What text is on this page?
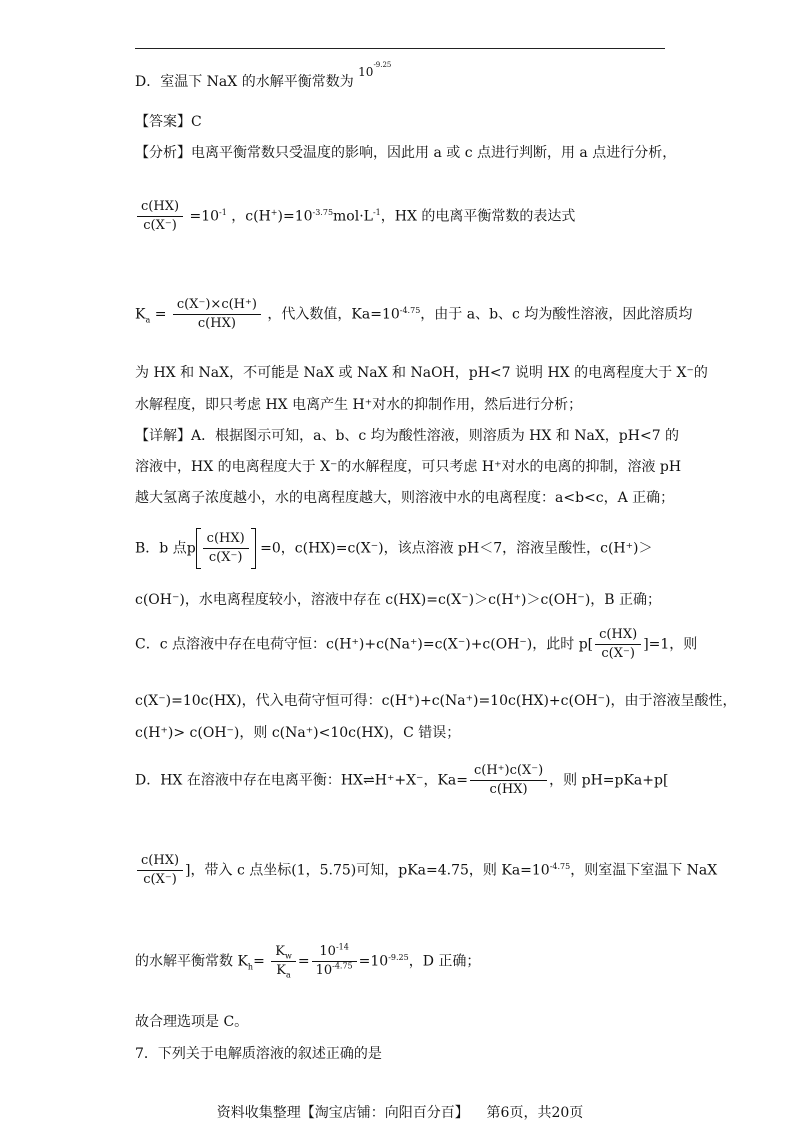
D．室温下 NaX 的水解平衡常数为 $10^{-9.25}$
【答案】C
【分析】电离平衡常数只受温度的影响，因此用 a 或 c 点进行判断，用 a 点进行分析，
$\frac{c(HX)}{c(X^-)} =10^{-1}$ ，$c(H^+)=10^{-3.75}mol\cdot L^{-1}$，HX 的电离平衡常数的表达式
$K_a = \frac{c(X^-)\times c(H^+)}{c(HX)}$ ，代入数值，$Ka=10^{-4.75}$，由于 a、b、c 均为酸性溶液，因此溶质均
为 HX 和 NaX，不可能是 NaX 或 NaX 和 NaOH，pH<7 说明 HX 的电离程度大于 X⁻的
水解程度，即只考虑 HX 电离产生 H⁺对水的抑制作用，然后进行分析；
【详解】A．根据图示可知，a、b、c 均为酸性溶液，则溶质为 HX 和 NaX，pH<7 的
溶液中，HX 的电离程度大于 X⁻的水解程度，可只考虑 H⁺对水的电离的抑制，溶液 pH
越大氢离子浓度越小，水的电离程度越大，则溶液中水的电离程度：a<b<c，A 正确；
B．b 点p $\frac{c(HX)}{c(X^-)} =0$，c(HX)=c(X⁻)，该点溶液 pH＜7，溶液呈酸性，c(H⁺)＞
c(OH⁻)，水电离程度较小，溶液中存在 c(HX)=c(X⁻)＞c(H⁺)＞c(OH⁻)，B 正确；
C．c 点溶液中存在电荷守恒：c(H⁺)+c(Na⁺)=c(X⁻)+c(OH⁻)，此时 $p[ \frac{c(HX)}{c(X^-)} ]=1$，则
c(X⁻)=10c(HX)，代入电荷守恒可得：c(H⁺)+c(Na⁺)=10c(HX)+c(OH⁻)，由于溶液呈酸性，
c(H⁺)> c(OH⁻)，则 c(Na⁺)<10c(HX)，C 错误；
D．HX 在溶液中存在电离平衡：HX⇌H⁺+X⁻，$Ka= \frac{c(H^+)c(X^-)}{c(HX)}$ ，则 pH=pKa+p[
$\frac{c(HX)}{c(X^-)}$ ]，带入 c 点坐标(1，5.75)可知，pKa=4.75，则 $Ka=10^{-4.75}$，则室温下室温下 NaX
的水解平衡常数 $K_h= \frac{K_w}{K_a} = \frac{10^{-14}}{10^{-4.75}} =10^{-9.25}$，D 正确；
故合理选项是 C。
7．下列关于电解质溶液的叙述正确的是
资料收集整理【淘宝店铺：向阳百分百】 第6页，共20页
